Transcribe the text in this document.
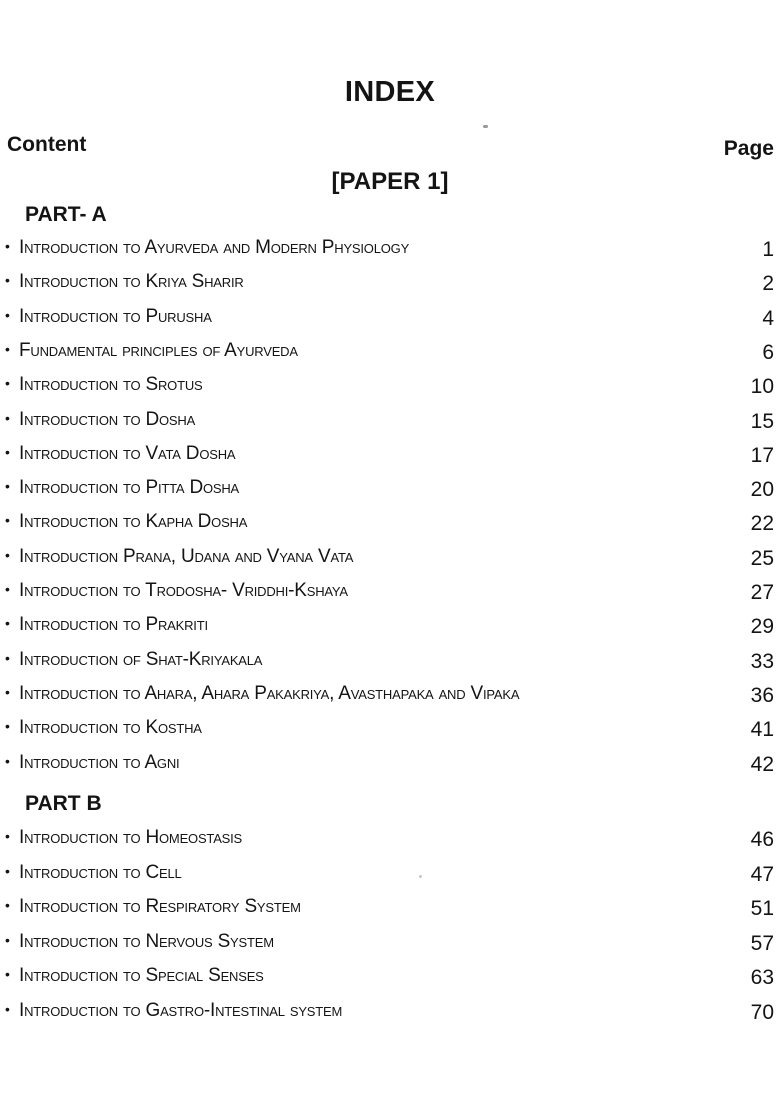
INDEX
Content	Page
[PAPER 1]
PART- A
• Introduction to Ayurveda and Modern Physiology	1
• Introduction to Kriya Sharir	2
• Introduction to Purusha	4
• Fundamental principles of Ayurveda	6
• Introduction to Srotus	10
• Introduction to Dosha	15
• Introduction to Vata Dosha	17
• Introduction to Pitta Dosha	20
• Introduction to Kapha Dosha	22
• Introduction Prana, Udana and Vyana Vata	25
• Introduction to Trodosha- Vriddhi-Kshaya	27
• Introduction to Prakriti	29
• Introduction of Shat-Kriyakala	33
• Introduction to Ahara, Ahara Pakakriya, Avasthapaka and Vipaka	36
• Introduction to Kostha	41
• Introduction to Agni	42
PART B
• Introduction to Homeostasis	46
• Introduction to Cell	47
• Introduction to Respiratory System	51
• Introduction to Nervous System	57
• Introduction to Special Senses	63
• Introduction to Gastro-Intestinal system	70
